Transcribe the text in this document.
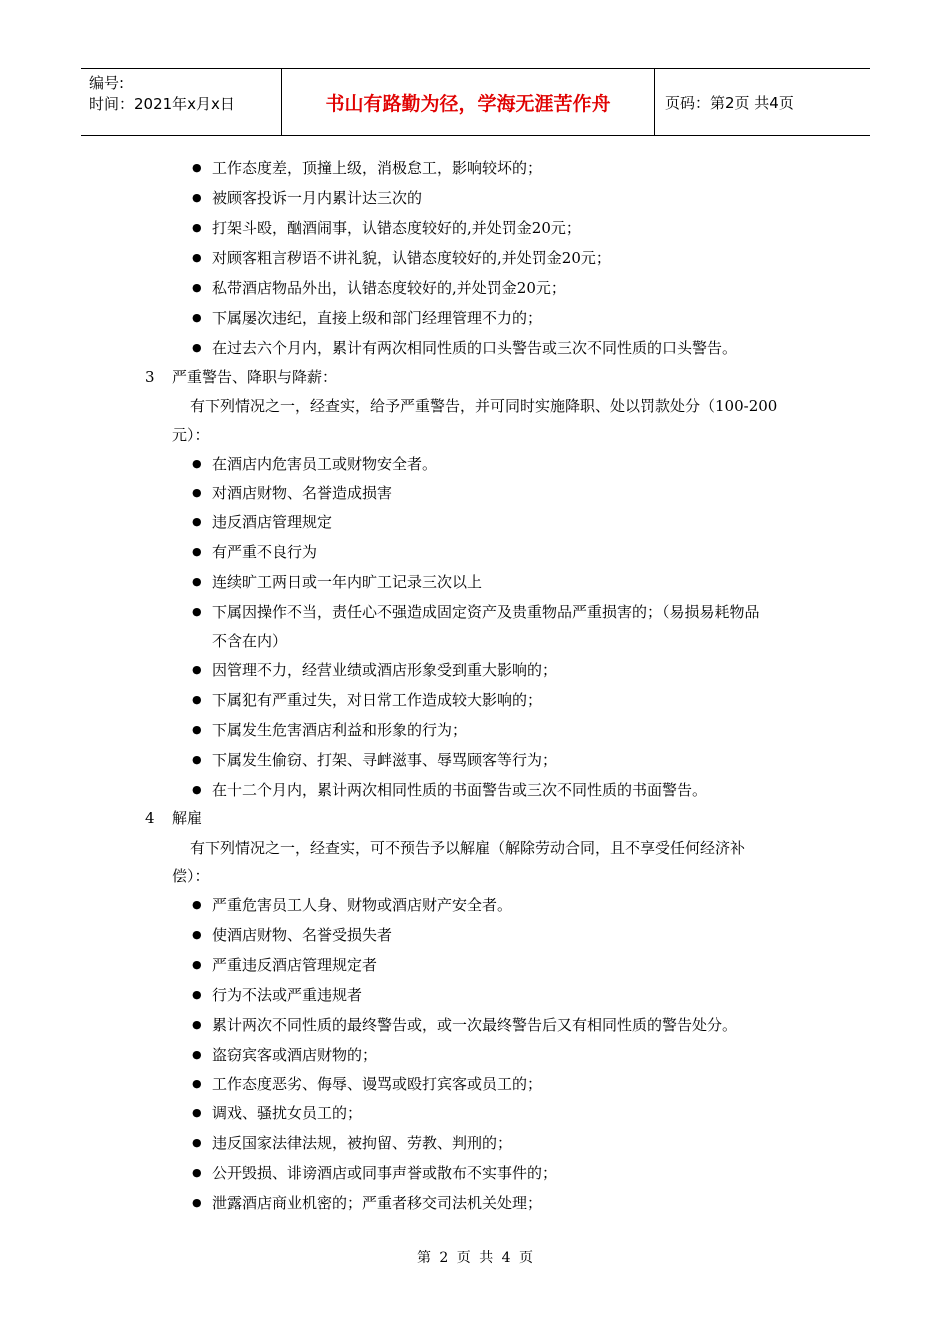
编号:
时间：2021年x月x日	书山有路勤为径，学海无涯苦作舟	页码：第2页 共4页
● 工作态度差，顶撞上级，消极怠工，影响较坏的；
● 被顾客投诉一月内累计达三次的
● 打架斗殴，酗酒闹事，认错态度较好的,并处罚金20元；
● 对顾客粗言秽语不讲礼貌，认错态度较好的,并处罚金20元；
● 私带酒店物品外出，认错态度较好的,并处罚金20元；
● 下属屡次违纪，直接上级和部门经理管理不力的；
● 在过去六个月内，累计有两次相同性质的口头警告或三次不同性质的口头警告。
3 严重警告、降职与降薪：
有下列情况之一，经查实，给予严重警告，并可同时实施降职、处以罚款处分（100-200
元）：
● 在酒店内危害员工或财物安全者。
● 对酒店财物、名誉造成损害
● 违反酒店管理规定
● 有严重不良行为
● 连续旷工两日或一年内旷工记录三次以上
● 下属因操作不当，责任心不强造成固定资产及贵重物品严重损害的；（易损易耗物品
不含在内）
● 因管理不力，经营业绩或酒店形象受到重大影响的；
● 下属犯有严重过失，对日常工作造成较大影响的；
● 下属发生危害酒店利益和形象的行为；
● 下属发生偷窃、打架、寻衅滋事、辱骂顾客等行为；
● 在十二个月内，累计两次相同性质的书面警告或三次不同性质的书面警告。
4 解雇
有下列情况之一，经查实，可不预告予以解雇（解除劳动合同，且不享受任何经济补
偿）：
● 严重危害员工人身、财物或酒店财产安全者。
● 使酒店财物、名誉受损失者
● 严重违反酒店管理规定者
● 行为不法或严重违规者
● 累计两次不同性质的最终警告或，或一次最终警告后又有相同性质的警告处分。
● 盗窃宾客或酒店财物的；
● 工作态度恶劣、侮辱、谩骂或殴打宾客或员工的；
● 调戏、骚扰女员工的；
● 违反国家法律法规，被拘留、劳教、判刑的；
● 公开毁损、诽谤酒店或同事声誉或散布不实事件的；
● 泄露酒店商业机密的；严重者移交司法机关处理；
第 2 页 共 4 页
